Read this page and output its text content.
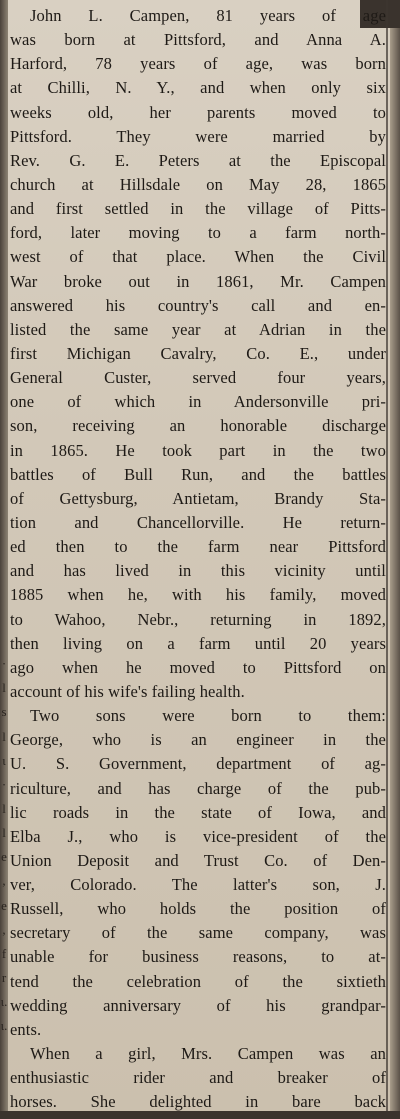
·
l
s
l
ι
·
l
l
e
,
e
,
f
r
ι.
ι.
John L. Campen, 81 years of age
was born at Pittsford, and Anna A.
Harford, 78 years of age, was born
at Chilli, N. Y., and when only six
weeks old, her parents moved to
Pittsford. They were married by
Rev. G. E. Peters at the Episcopal
church at Hillsdale on May 28, 1865
and first settled in the village of Pitts-
ford, later moving to a farm north-
west of that place. When the Civil
War broke out in 1861, Mr. Campen
answered his country's call and en-
listed the same year at Adrian in the
first Michigan Cavalry, Co. E., under
General Custer, served four years,
one of which in Andersonville pri-
son, receiving an honorable discharge
in 1865. He took part in the two
battles of Bull Run, and the battles
of Gettysburg, Antietam, Brandy Sta-
tion and Chancellorville. He return-
ed then to the farm near Pittsford
and has lived in this vicinity until
1885 when he, with his family, moved
to Wahoo, Nebr., returning in 1892,
then living on a farm until 20 years
ago when he moved to Pittsford on
account of his wife's failing health.
Two sons were born to them:
George, who is an engineer in the
U. S. Government, department of ag-
riculture, and has charge of the pub-
lic roads in the state of Iowa, and
Elba J., who is vice-president of the
Union Deposit and Trust Co. of Den-
ver, Colorado. The latter's son, J.
Russell, who holds the position of
secretary of the same company, was
unable for business reasons, to at-
tend the celebration of the sixtieth
wedding anniversary of his grandpar-
ents.
When a girl, Mrs. Campen was an
enthusiastic rider and breaker of
horses. She delighted in bare back
